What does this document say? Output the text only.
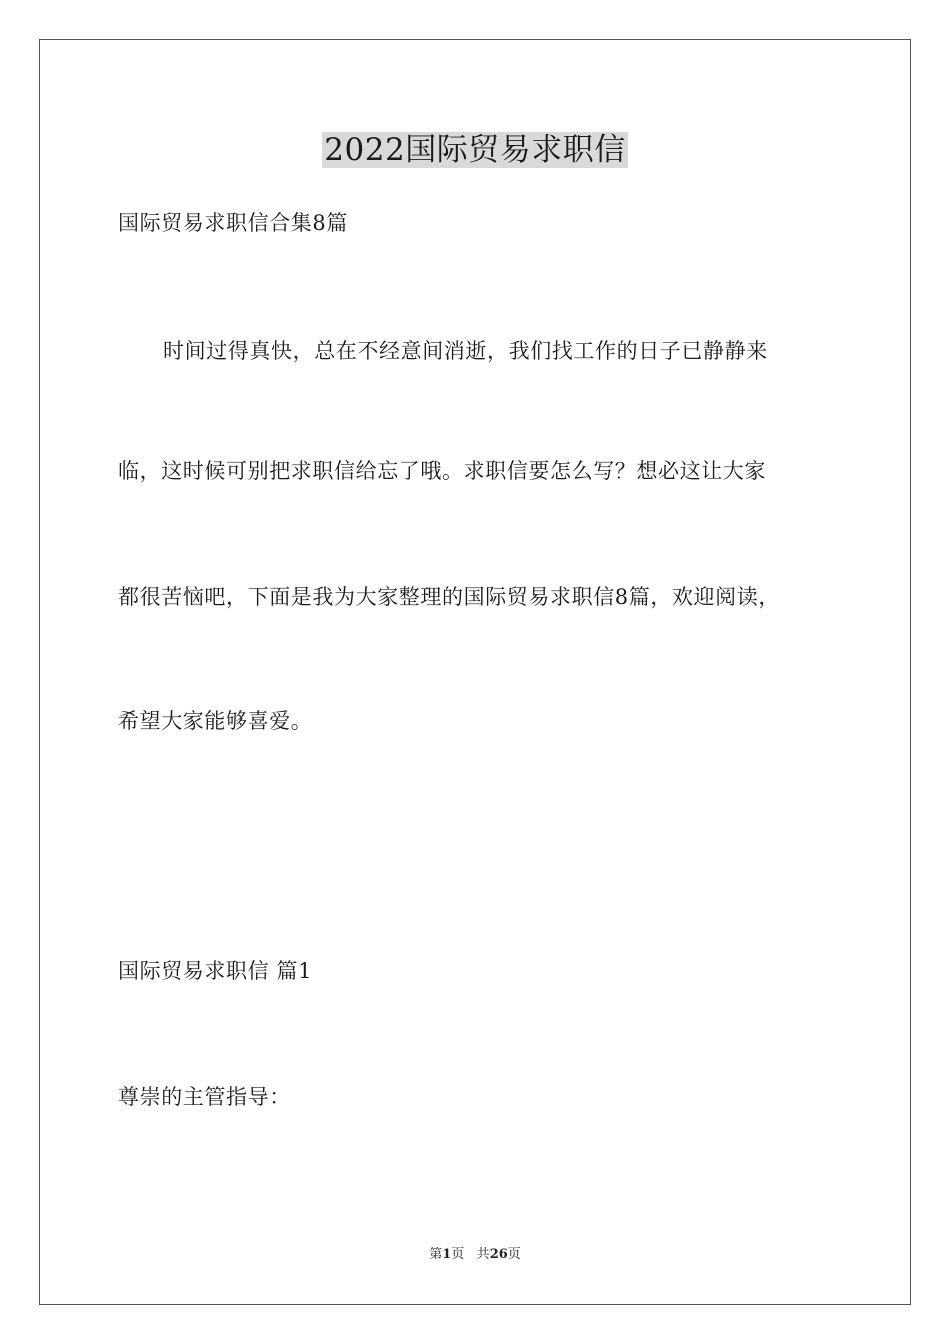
2022国际贸易求职信

国际贸易求职信合集8篇

时间过得真快，总在不经意间消逝，我们找工作的日子已静静来

临，这时候可别把求职信给忘了哦。求职信要怎么写？想必这让大家

都很苦恼吧，下面是我为大家整理的国际贸易求职信8篇，欢迎阅读，

希望大家能够喜爱。

国际贸易求职信 篇1

尊崇的主管指导：

第1页 共26页
